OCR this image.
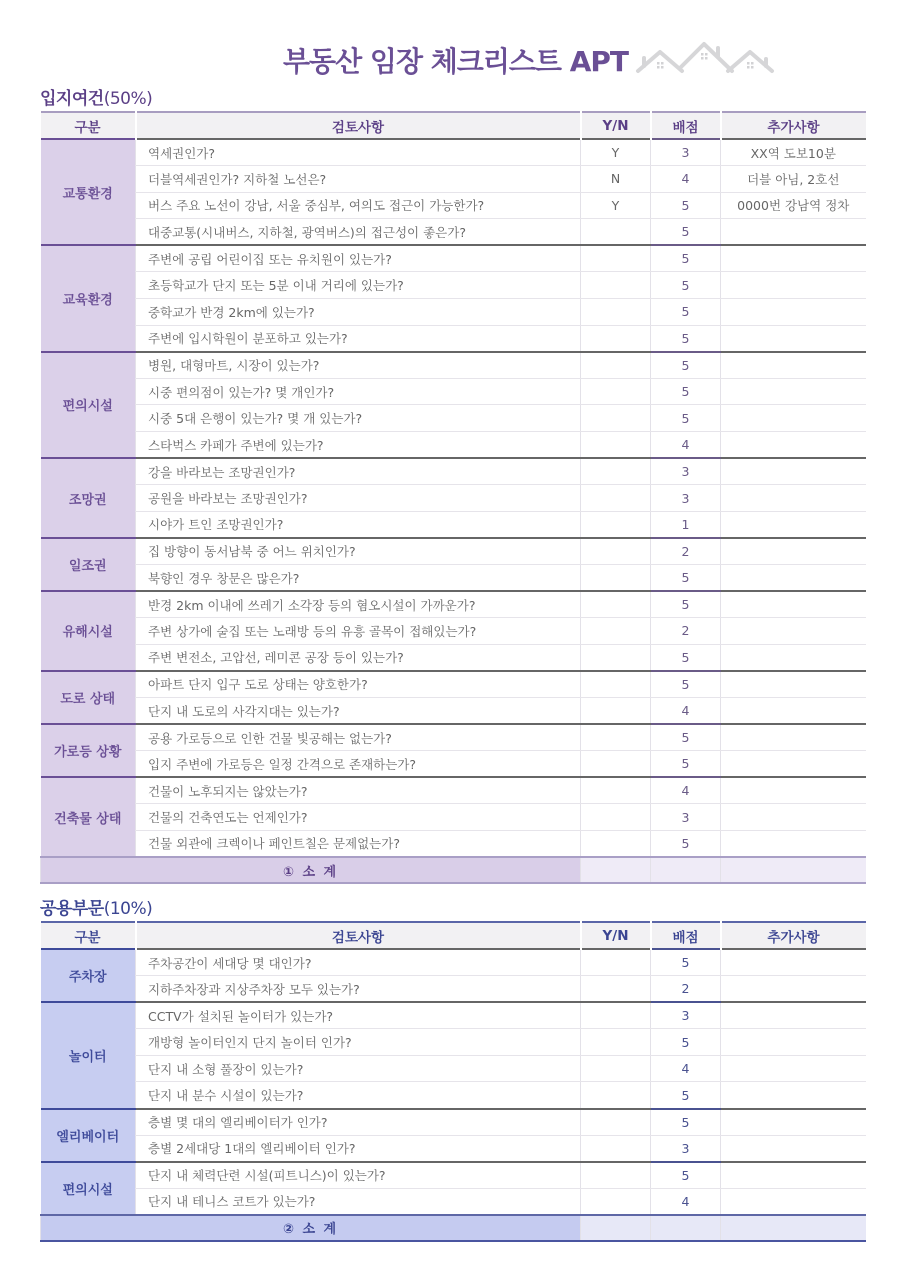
부동산 임장 체크리스트 APT
입지여건(50%)
구분	검토사항	Y/N	배점	추가사항
교통환경	역세권인가?	Y	3	XX역 도보10분
	더블역세권인가? 지하철 노선은?	N	4	더블 아님, 2호선
	버스 주요 노선이 강남, 서울 중심부, 여의도 접근이 가능한가?	Y	5	0000번 강남역 정차
	대중교통(시내버스, 지하철, 광역버스)의 접근성이 좋은가?		5	
교육환경	주변에 공립 어린이집 또는 유치원이 있는가?		5	
	초등학교가 단지 또는 5분 이내 거리에 있는가?		5	
	중학교가 반경 2km에 있는가?		5	
	주변에 입시학원이 분포하고 있는가?		5	
편의시설	병원, 대형마트, 시장이 있는가?		5	
	시중 편의점이 있는가? 몇 개인가?		5	
	시중 5대 은행이 있는가? 몇 개 있는가?		5	
	스타벅스 카페가 주변에 있는가?		4	
조망권	강을 바라보는 조망권인가?		3	
	공원을 바라보는 조망권인가?		3	
	시야가 트인 조망권인가?		1	
일조권	집 방향이 동서남북 중 어느 위치인가?		2	
	북향인 경우 창문은 많은가?		5	
유해시설	반경 2km 이내에 쓰레기 소각장 등의 혐오시설이 가까운가?		5	
	주변 상가에 술집 또는 노래방 등의 유흥 골목이 접해있는가?		2	
	주변 변전소, 고압선, 레미콘 공장 등이 있는가?		5	
도로 상태	아파트 단지 입구 도로 상태는 양호한가?		5	
	단지 내 도로의 사각지대는 있는가?		4	
가로등 상황	공용 가로등으로 인한 건물 빛공해는 없는가?		5	
	입지 주변에 가로등은 일정 간격으로 존재하는가?		5	
건축물 상태	건물이 노후되지는 않았는가?		4	
	건물의 건축연도는 언제인가?		3	
	건물 외관에 크렉이나 페인트칠은 문제없는가?		5	
① 소 계				
공용부문(10%)
구분	검토사항	Y/N	배점	추가사항
주차장	주차공간이 세대당 몇 대인가?		5	
	지하주차장과 지상주차장 모두 있는가?		2	
놀이터	CCTV가 설치된 놀이터가 있는가?		3	
	개방형 놀이터인지 단지 놀이터 인가?		5	
	단지 내 소형 풀장이 있는가?		4	
	단지 내 분수 시설이 있는가?		5	
엘리베이터	층별 몇 대의 엘리베이터가 인가?		5	
	층별 2세대당 1대의 엘리베이터 인가?		3	
편의시설	단지 내 체력단련 시설(피트니스)이 있는가?		5	
	단지 내 테니스 코트가 있는가?		4	
② 소 계				
